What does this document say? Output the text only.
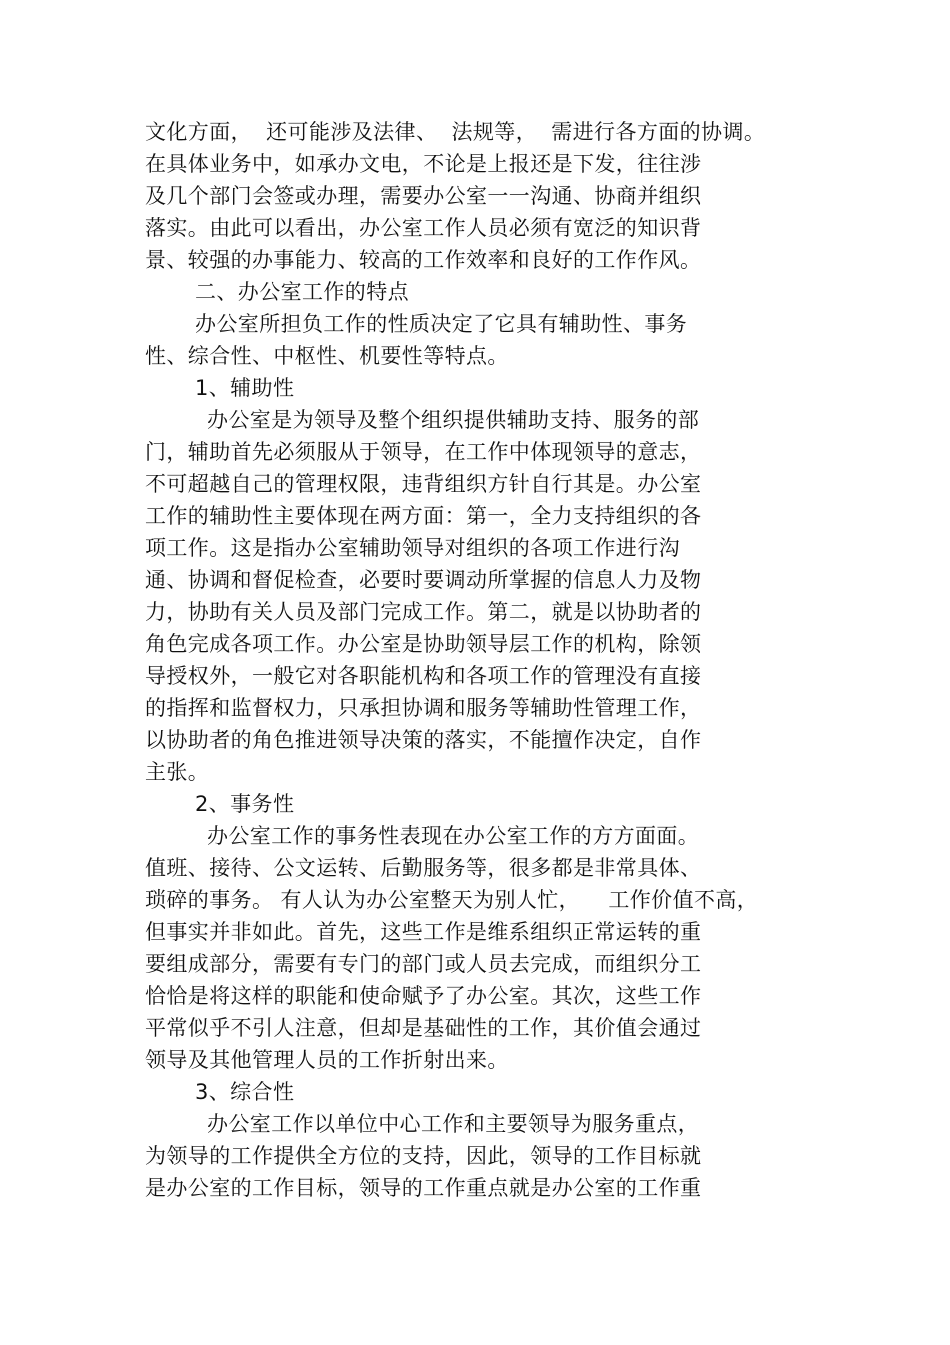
文化方面，  还可能涉及法律、  法规等，  需进行各方面的协调。
在具体业务中，如承办文电，不论是上报还是下发，往往涉
及几个部门会签或办理，需要办公室一一沟通、协商并组织
落实。由此可以看出，办公室工作人员必须有宽泛的知识背
景、较强的办事能力、较高的工作效率和良好的工作作风。
二、办公室工作的特点
办公室所担负工作的性质决定了它具有辅助性、事务
性、综合性、中枢性、机要性等特点。
1、辅助性
办公室是为领导及整个组织提供辅助支持、服务的部
门，辅助首先必须服从于领导，在工作中体现领导的意志，
不可超越自己的管理权限，违背组织方针自行其是。办公室
工作的辅助性主要体现在两方面：第一，全力支持组织的各
项工作。这是指办公室辅助领导对组织的各项工作进行沟
通、协调和督促检查，必要时要调动所掌握的信息人力及物
力，协助有关人员及部门完成工作。第二，就是以协助者的
角色完成各项工作。办公室是协助领导层工作的机构，除领
导授权外，一般它对各职能机构和各项工作的管理没有直接
的指挥和监督权力，只承担协调和服务等辅助性管理工作，
以协助者的角色推进领导决策的落实，不能擅作决定，自作
主张。
2、事务性
办公室工作的事务性表现在办公室工作的方方面面。
值班、接待、公文运转、后勤服务等，很多都是非常具体、
琐碎的事务。 有人认为办公室整天为别人忙，    工作价值不高，
但事实并非如此。首先，这些工作是维系组织正常运转的重
要组成部分，需要有专门的部门或人员去完成，而组织分工
恰恰是将这样的职能和使命赋予了办公室。其次，这些工作
平常似乎不引人注意，但却是基础性的工作，其价值会通过
领导及其他管理人员的工作折射出来。
3、综合性
办公室工作以单位中心工作和主要领导为服务重点，
为领导的工作提供全方位的支持，因此，领导的工作目标就
是办公室的工作目标，领导的工作重点就是办公室的工作重
